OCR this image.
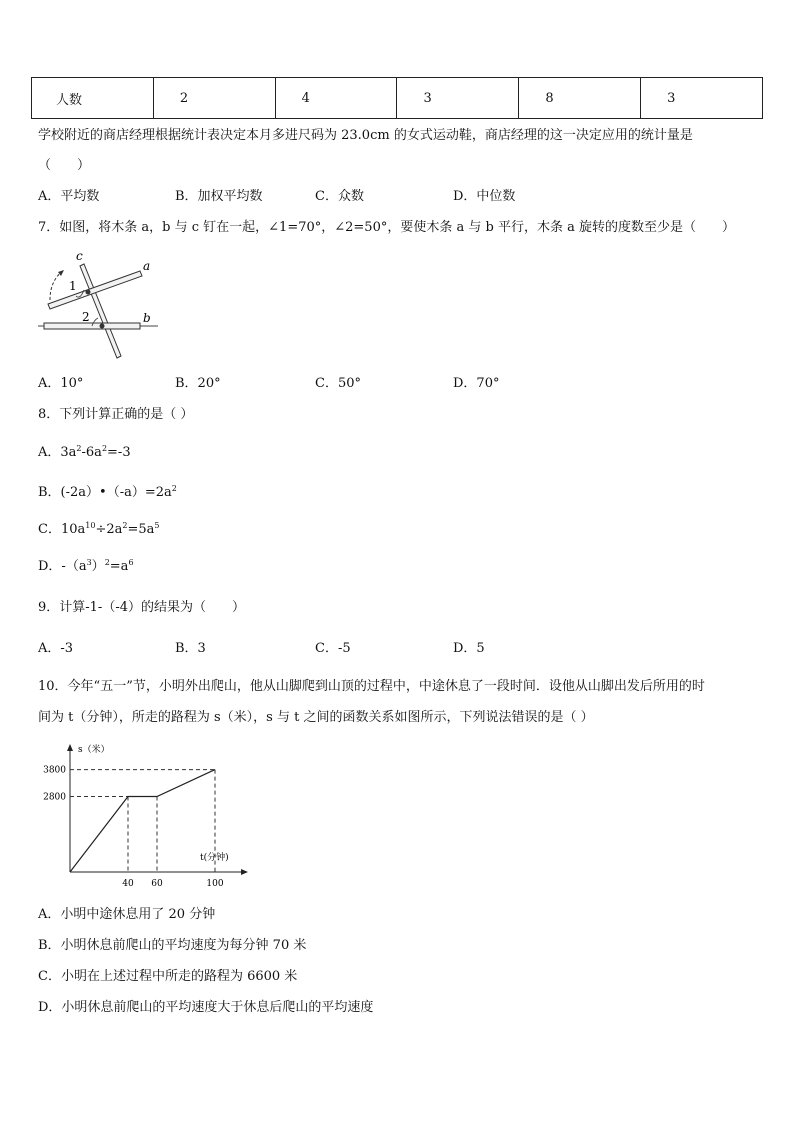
人数	2	4	3	8	3
学校附近的商店经理根据统计表决定本月多进尺码为 23.0cm 的女式运动鞋，商店经理的这一决定应用的统计量是
（　　）
A．平均数	B．加权平均数	C．众数	D．中位数
7．如图，将木条 a，b 与 c 钉在一起，∠1=70°，∠2=50°，要使木条 a 与 b 平行，木条 a 旋转的度数至少是（　　）
c
a
b
1
2
A．10°	B．20°	C．50°	D．70°
8．下列计算正确的是（ ）
A．$3a^2-6a^2=-3$
B．$(-2a)•(-a)=2a^2$
C．$10a^{10}\div 2a^2=5a^5$
D．$-(a^3)^2=a^6$
9．计算-1-（-4）的结果为（　　）
A．-3	B．3	C．-5	D．5
10．今年“五一”节，小明外出爬山，他从山脚爬到山顶的过程中，中途休息了一段时间．设他从山脚出发后所用的时
间为 t（分钟），所走的路程为 s（米），s 与 t 之间的函数关系如图所示，下列说法错误的是（ ）
s（米）
t(分钟)
40 60	100
2800
3800
A．小明中途休息用了 20 分钟
B．小明休息前爬山的平均速度为每分钟 70 米
C．小明在上述过程中所走的路程为 6600 米
D．小明休息前爬山的平均速度大于休息后爬山的平均速度
